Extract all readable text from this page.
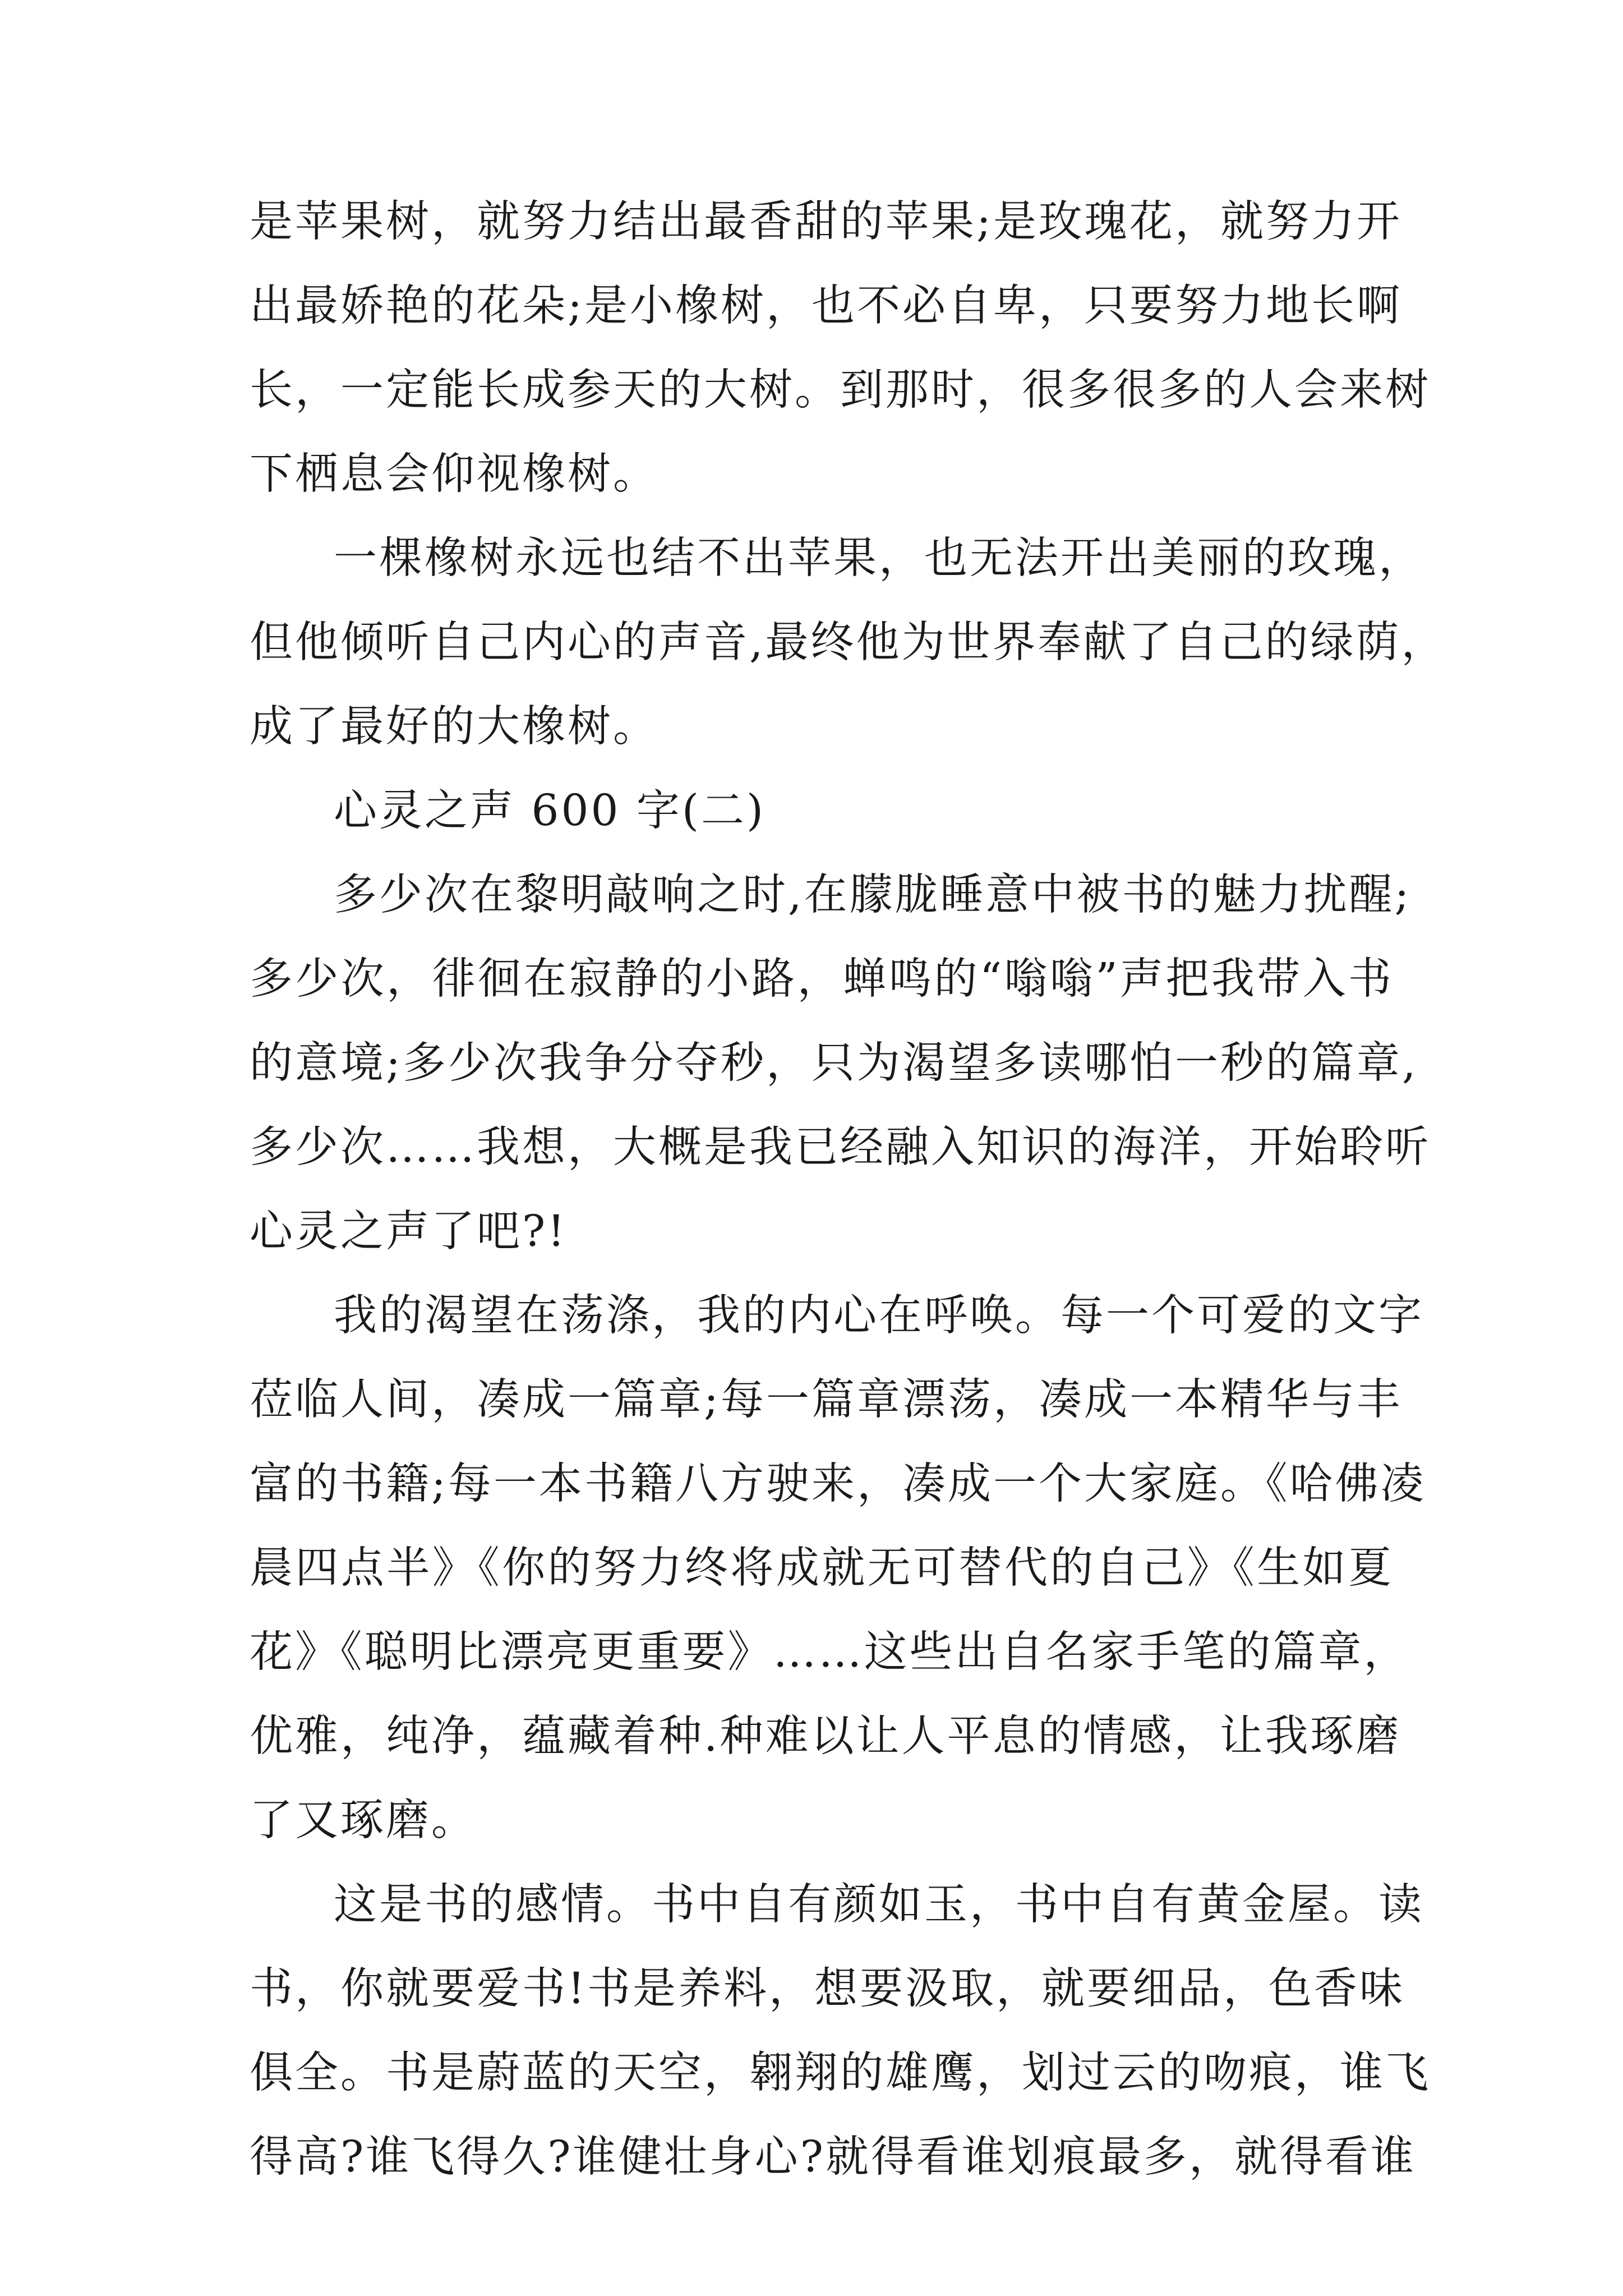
是苹果树，就努力结出最香甜的苹果;是玫瑰花，就努力开
出最娇艳的花朵;是小橡树，也不必自卑，只要努力地长啊
长，一定能长成参天的大树。到那时，很多很多的人会来树
下栖息会仰视橡树。
一棵橡树永远也结不出苹果，也无法开出美丽的玫瑰，
但他倾听自己内心的声音,最终他为世界奉献了自己的绿荫，
成了最好的大橡树。
心灵之声 600 字(二)
多少次在黎明敲响之时,在朦胧睡意中被书的魅力扰醒;
多少次，徘徊在寂静的小路，蝉鸣的“嗡嗡”声把我带入书
的意境;多少次我争分夺秒，只为渴望多读哪怕一秒的篇章,
多少次……我想，大概是我已经融入知识的海洋，开始聆听
心灵之声了吧?!
我的渴望在荡涤，我的内心在呼唤。每一个可爱的文字
莅临人间，凑成一篇章;每一篇章漂荡，凑成一本精华与丰
富的书籍;每一本书籍八方驶来，凑成一个大家庭。《哈佛凌
晨四点半》《你的努力终将成就无可替代的自己》《生如夏
花》《聪明比漂亮更重要》……这些出自名家手笔的篇章，
优雅，纯净，蕴藏着种.种难以让人平息的情感，让我琢磨
了又琢磨。
这是书的感情。书中自有颜如玉，书中自有黄金屋。读
书，你就要爱书!书是养料，想要汲取，就要细品，色香味
俱全。书是蔚蓝的天空，翱翔的雄鹰，划过云的吻痕，谁飞
得高?谁飞得久?谁健壮身心?就得看谁划痕最多，就得看谁
